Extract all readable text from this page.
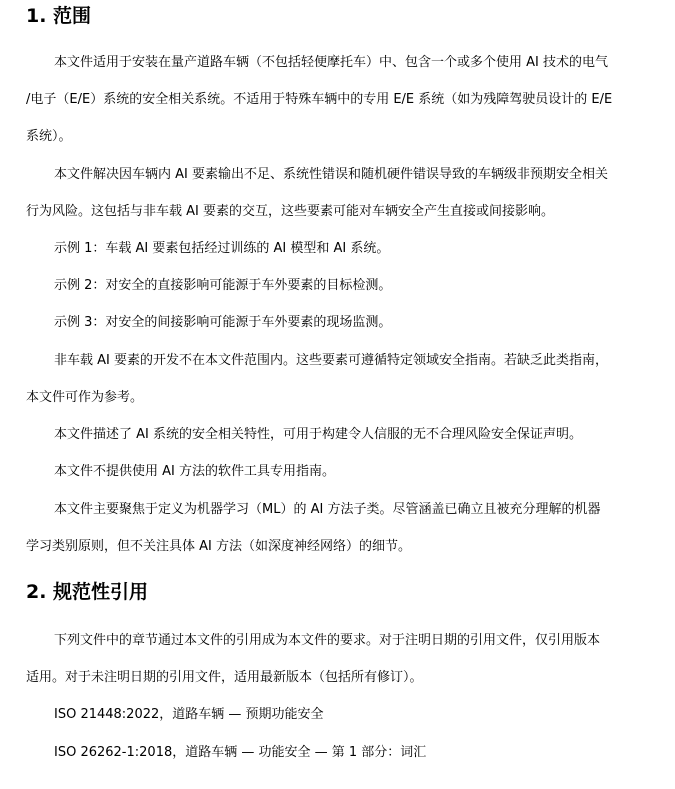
1. 范围

本文件适用于安装在量产道路车辆（不包括轻便摩托车）中、包含一个或多个使用 AI 技术的电气

/电子（E/E）系统的安全相关系统。不适用于特殊车辆中的专用 E/E 系统（如为残障驾驶员设计的 E/E

系统）。

本文件解决因车辆内 AI 要素输出不足、系统性错误和随机硬件错误导致的车辆级非预期安全相关

行为风险。这包括与非车载 AI 要素的交互，这些要素可能对车辆安全产生直接或间接影响。

示例 1：车载 AI 要素包括经过训练的 AI 模型和 AI 系统。

示例 2：对安全的直接影响可能源于车外要素的目标检测。

示例 3：对安全的间接影响可能源于车外要素的现场监测。

非车载 AI 要素的开发不在本文件范围内。这些要素可遵循特定领域安全指南。若缺乏此类指南，

本文件可作为参考。

本文件描述了 AI 系统的安全相关特性，可用于构建令人信服的无不合理风险安全保证声明。

本文件不提供使用 AI 方法的软件工具专用指南。

本文件主要聚焦于定义为机器学习（ML）的 AI 方法子类。尽管涵盖已确立且被充分理解的机器

学习类别原则，但不关注具体 AI 方法（如深度神经网络）的细节。

2. 规范性引用

下列文件中的章节通过本文件的引用成为本文件的要求。对于注明日期的引用文件，仅引用版本

适用。对于未注明日期的引用文件，适用最新版本（包括所有修订）。

ISO 21448:2022，道路车辆 — 预期功能安全

ISO 26262-1:2018，道路车辆 — 功能安全 — 第 1 部分：词汇
